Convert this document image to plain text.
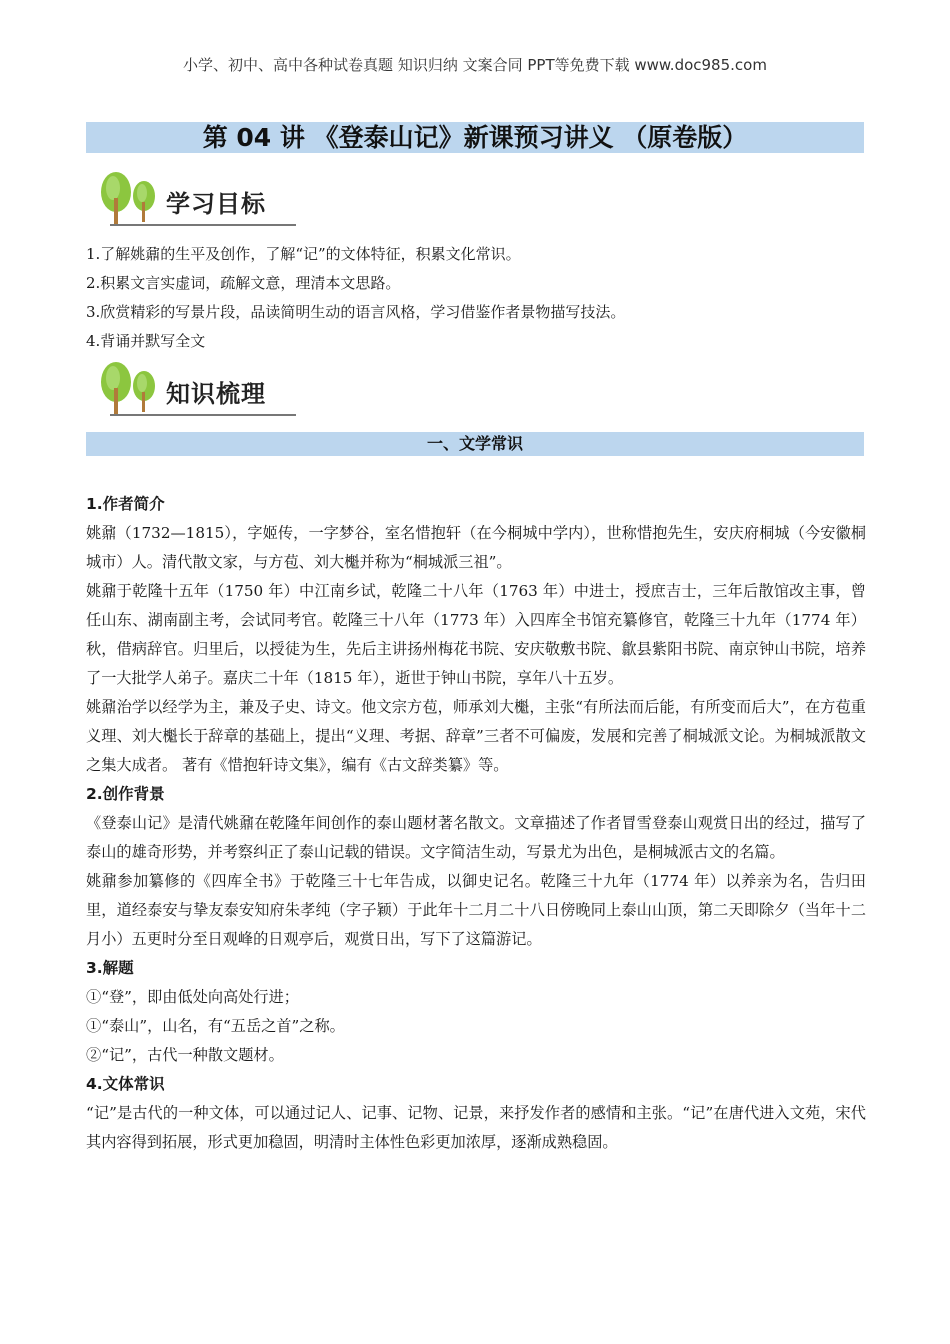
小学、初中、高中各种试卷真题 知识归纳 文案合同 PPT等免费下载 www.doc985.com
第 04 讲 《登泰山记》新课预习讲义 （原卷版）
学习目标

1.了解姚鼐的生平及创作，了解“记”的文体特征，积累文化常识。

2.积累文言实虚词，疏解文意，理清本文思路。

3.欣赏精彩的写景片段，品读简明生动的语言风格，学习借鉴作者景物描写技法。

4.背诵并默写全文

知识梳理
一、文学常识
1.作者简介

姚鼐（1732—1815），字姬传，一字梦谷，室名惜抱轩（在今桐城中学内），世称惜抱先生，安庆府桐城（今安徽桐城市）人。清代散文家，与方苞、刘大櫆并称为“桐城派三祖”。

姚鼐于乾隆十五年（1750 年）中江南乡试，乾隆二十八年（1763 年）中进士，授庶吉士，三年后散馆改主事，曾任山东、湖南副主考，会试同考官。乾隆三十八年（1773 年）入四库全书馆充纂修官，乾隆三十九年（1774 年）秋，借病辞官。归里后，以授徒为生，先后主讲扬州梅花书院、安庆敬敷书院、歙县紫阳书院、南京钟山书院，培养了一大批学人弟子。嘉庆二十年（1815 年），逝世于钟山书院，享年八十五岁。

姚鼐治学以经学为主，兼及子史、诗文。他文宗方苞，师承刘大櫆，主张“有所法而后能，有所变而后大”，在方苞重义理、刘大櫆长于辞章的基础上，提出“义理、考据、辞章”三者不可偏废，发展和完善了桐城派文论。为桐城派散文之集大成者。 著有《惜抱轩诗文集》，编有《古文辞类纂》等。

2.创作背景

《登泰山记》是清代姚鼐在乾隆年间创作的泰山题材著名散文。文章描述了作者冒雪登泰山观赏日出的经过，描写了泰山的雄奇形势，并考察纠正了泰山记载的错误。文字简洁生动，写景尤为出色，是桐城派古文的名篇。

姚鼐参加纂修的《四库全书》于乾隆三十七年告成，以御史记名。乾隆三十九年（1774 年）以养亲为名，告归田里，道经泰安与挚友泰安知府朱孝纯（字子颖）于此年十二月二十八日傍晚同上泰山山顶，第二天即除夕（当年十二月小）五更时分至日观峰的日观亭后，观赏日出，写下了这篇游记。

3.解题

①“登”，即由低处向高处行进；

①“泰山”，山名，有“五岳之首”之称。

②“记”，古代一种散文题材。

4.文体常识

“记”是古代的一种文体，可以通过记人、记事、记物、记景，来抒发作者的感情和主张。“记”在唐代进入文苑，宋代其内容得到拓展，形式更加稳固，明清时主体性色彩更加浓厚，逐渐成熟稳固。
